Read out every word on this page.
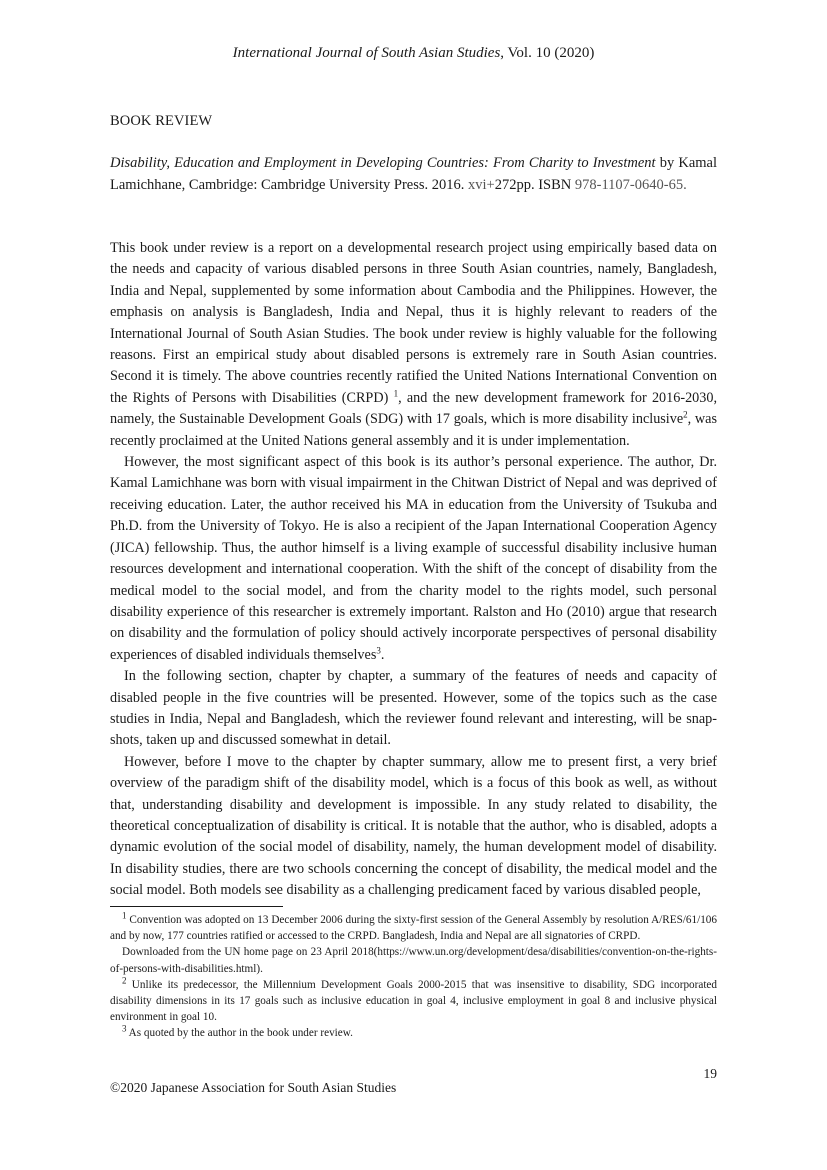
International Journal of South Asian Studies, Vol. 10 (2020)
BOOK REVIEW
Disability, Education and Employment in Developing Countries: From Charity to Investment by Kamal Lamichhane, Cambridge: Cambridge University Press. 2016. xvi+272pp. ISBN 978-1107-0640-65.

This book under review is a report on a developmental research project using empirically based data on the needs and capacity of various disabled persons in three South Asian countries, namely, Bangladesh, India and Nepal, supplemented by some information about Cambodia and the Philippines. However, the emphasis on analysis is Bangladesh, India and Nepal, thus it is highly relevant to readers of the International Journal of South Asian Studies. The book under review is highly valuable for the following reasons. First an empirical study about disabled persons is extremely rare in South Asian countries. Second it is timely. The above countries recently ratified the United Nations International Convention on the Rights of Persons with Disabilities (CRPD) $^1$, and the new development framework for 2016-2030, namely, the Sustainable Development Goals (SDG) with 17 goals, which is more disability inclusive$^2$, was recently proclaimed at the United Nations general assembly and it is under implementation.

However, the most significant aspect of this book is its author’s personal experience. The author, Dr. Kamal Lamichhane was born with visual impairment in the Chitwan District of Nepal and was deprived of receiving education. Later, the author received his MA in education from the University of Tsukuba and Ph.D. from the University of Tokyo. He is also a recipient of the Japan International Cooperation Agency (JICA) fellowship. Thus, the author himself is a living example of successful disability inclusive human resources development and international cooperation. With the shift of the concept of disability from the medical model to the social model, and from the charity model to the rights model, such personal disability experience of this researcher is extremely important. Ralston and Ho (2010) argue that research on disability and the formulation of policy should actively incorporate perspectives of personal disability experiences of disabled individuals themselves$^3$.

In the following section, chapter by chapter, a summary of the features of needs and capacity of disabled people in the five countries will be presented. However, some of the topics such as the case studies in India, Nepal and Bangladesh, which the reviewer found relevant and interesting, will be snap-shots, taken up and discussed somewhat in detail.

However, before I move to the chapter by chapter summary, allow me to present first, a very brief overview of the paradigm shift of the disability model, which is a focus of this book as well, as without that, understanding disability and development is impossible. In any study related to disability, the theoretical conceptualization of disability is critical. It is notable that the author, who is disabled, adopts a dynamic evolution of the social model of disability, namely, the human development model of disability. In disability studies, there are two schools concerning the concept of disability, the medical model and the social model. Both models see disability as a challenging predicament faced by various disabled people,

$^1$ Convention was adopted on 13 December 2006 during the sixty-first session of the General Assembly by resolution A/RES/61/106 and by now, 177 countries ratified or accessed to the CRPD. Bangladesh, India and Nepal are all signatories of CRPD.

Downloaded from the UN home page on 23 April 2018(https://www.un.org/development/desa/disabilities/convention-on-the-rights-of-persons-with-disabilities.html).

$^2$ Unlike its predecessor, the Millennium Development Goals 2000-2015 that was insensitive to disability, SDG incorporated disability dimensions in its 17 goals such as inclusive education in goal 4, inclusive employment in goal 8 and inclusive physical environment in goal 10.

$^3$ As quoted by the author in the book under review.

19
©2020 Japanese Association for South Asian Studies
